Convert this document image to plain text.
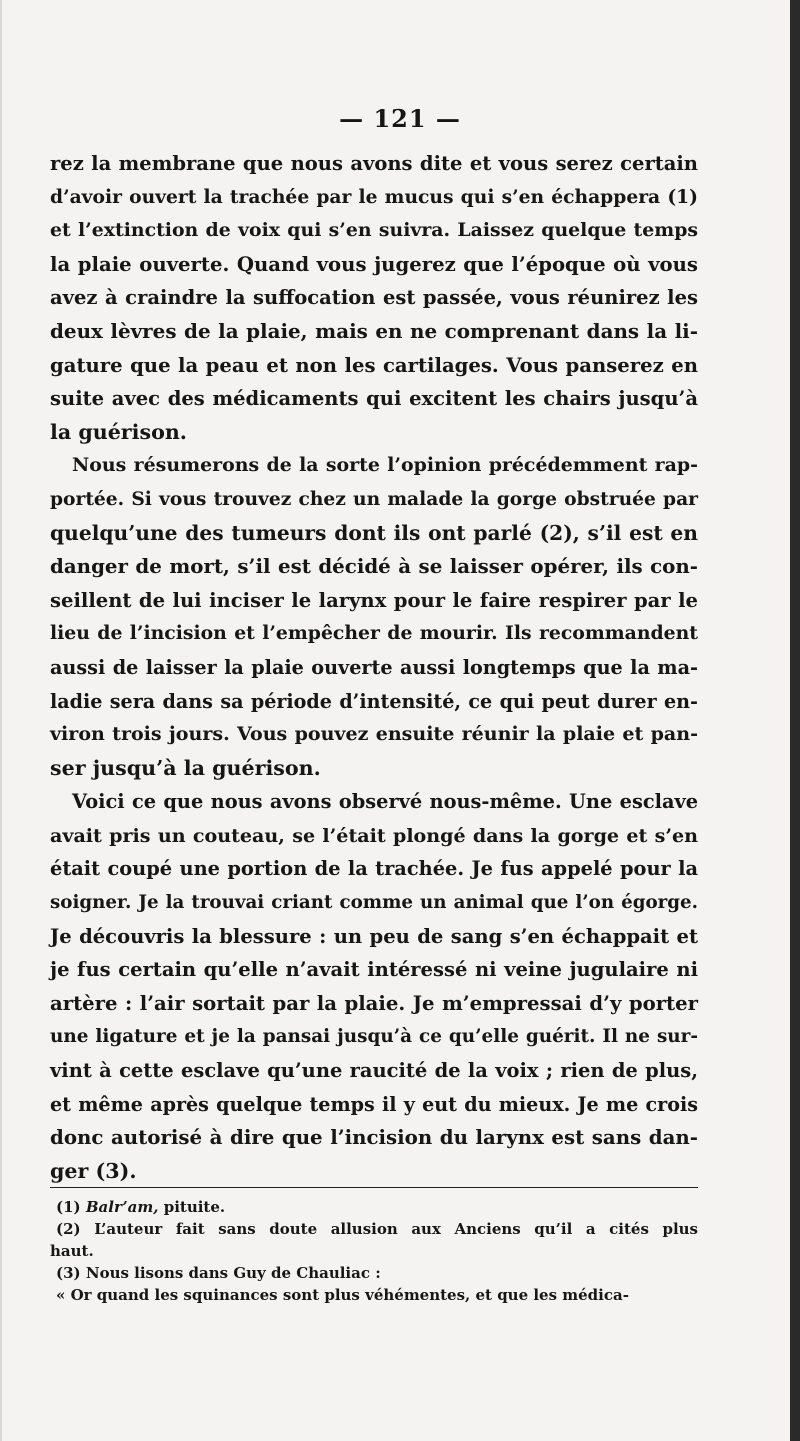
— 121 —
rez la membrane que nous avons dite et vous serez certain
d’avoir ouvert la trachée par le mucus qui s’en échappera (1)
et l’extinction de voix qui s’en suivra. Laissez quelque temps
la plaie ouverte. Quand vous jugerez que l’époque où vous
avez à craindre la suffocation est passée, vous réunirez les
deux lèvres de la plaie, mais en ne comprenant dans la li-
gature que la peau et non les cartilages. Vous panserez en
suite avec des médicaments qui excitent les chairs jusqu’à
la guérison.
Nous résumerons de la sorte l’opinion précédemment rap-
portée. Si vous trouvez chez un malade la gorge obstruée par
quelqu’une des tumeurs dont ils ont parlé (2), s’il est en
danger de mort, s’il est décidé à se laisser opérer, ils con-
seillent de lui inciser le larynx pour le faire respirer par le
lieu de l’incision et l’empêcher de mourir. Ils recommandent
aussi de laisser la plaie ouverte aussi longtemps que la ma-
ladie sera dans sa période d’intensité, ce qui peut durer en-
viron trois jours. Vous pouvez ensuite réunir la plaie et pan-
ser jusqu’à la guérison.
Voici ce que nous avons observé nous-même. Une esclave
avait pris un couteau, se l’était plongé dans la gorge et s’en
était coupé une portion de la trachée. Je fus appelé pour la
soigner. Je la trouvai criant comme un animal que l’on égorge.
Je découvris la blessure : un peu de sang s’en échappait et
je fus certain qu’elle n’avait intéressé ni veine jugulaire ni
artère : l’air sortait par la plaie. Je m’empressai d’y porter
une ligature et je la pansai jusqu’à ce qu’elle guérit. Il ne sur-
vint à cette esclave qu’une raucité de la voix ; rien de plus,
et même après quelque temps il y eut du mieux. Je me crois
donc autorisé à dire que l’incision du larynx est sans dan-
ger (3).
(1) Balr’am, pituite.
(2) L’auteur fait sans doute allusion aux Anciens qu’il a cités plus
haut.
(3) Nous lisons dans Guy de Chauliac :
« Or quand les squinances sont plus véhémentes, et que les médica-
